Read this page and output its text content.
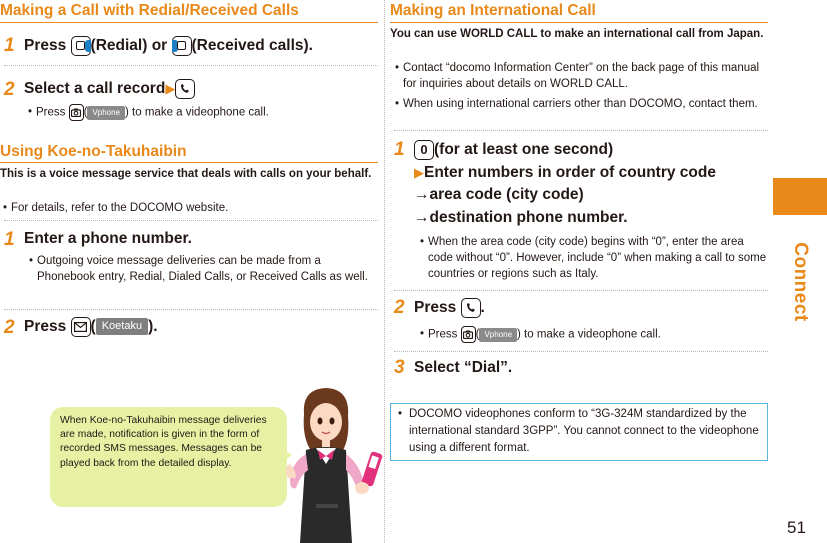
Making a Call with Redial/Received Calls
1 Press
(Redial) or
(Received calls).
2 Select a call record▶
• Press
( Vphone ) to make a videophone call.
Using Koe-no-Takuhaibin
This is a voice message service that deals with calls on your behalf.
• For details, refer to the DOCOMO website.
1 Enter a phone number.
• Outgoing voice message deliveries can be made from a Phonebook entry, Redial, Dialed Calls, or Received Calls as well.
2 Press
( Koetaku ).
When Koe-no-Takuhaibin message deliveries are made, notification is given in the form of recorded SMS messages. Messages can be played back from the detailed display.
Making an International Call
You can use WORLD CALL to make an international call from Japan.
• Contact “docomo Information Center” on the back page of this manual for inquiries about details on WORLD CALL.
• When using international carriers other than DOCOMO, contact them.
1	0 (for at least one second)
▶Enter numbers in order of country code
→area code (city code)
→destination phone number.
• When the area code (city code) begins with “0”, enter the area code without “0”. However, include “0” when making a call to some countries or regions such as Italy.
2 Press
.
• Press
( Vphone ) to make a videophone call.
3 Select “Dial”.
• DOCOMO videophones conform to “3G-324M standardized by the international standard 3GPP”. You cannot connect to the videophone using a different format.
Connect
51
